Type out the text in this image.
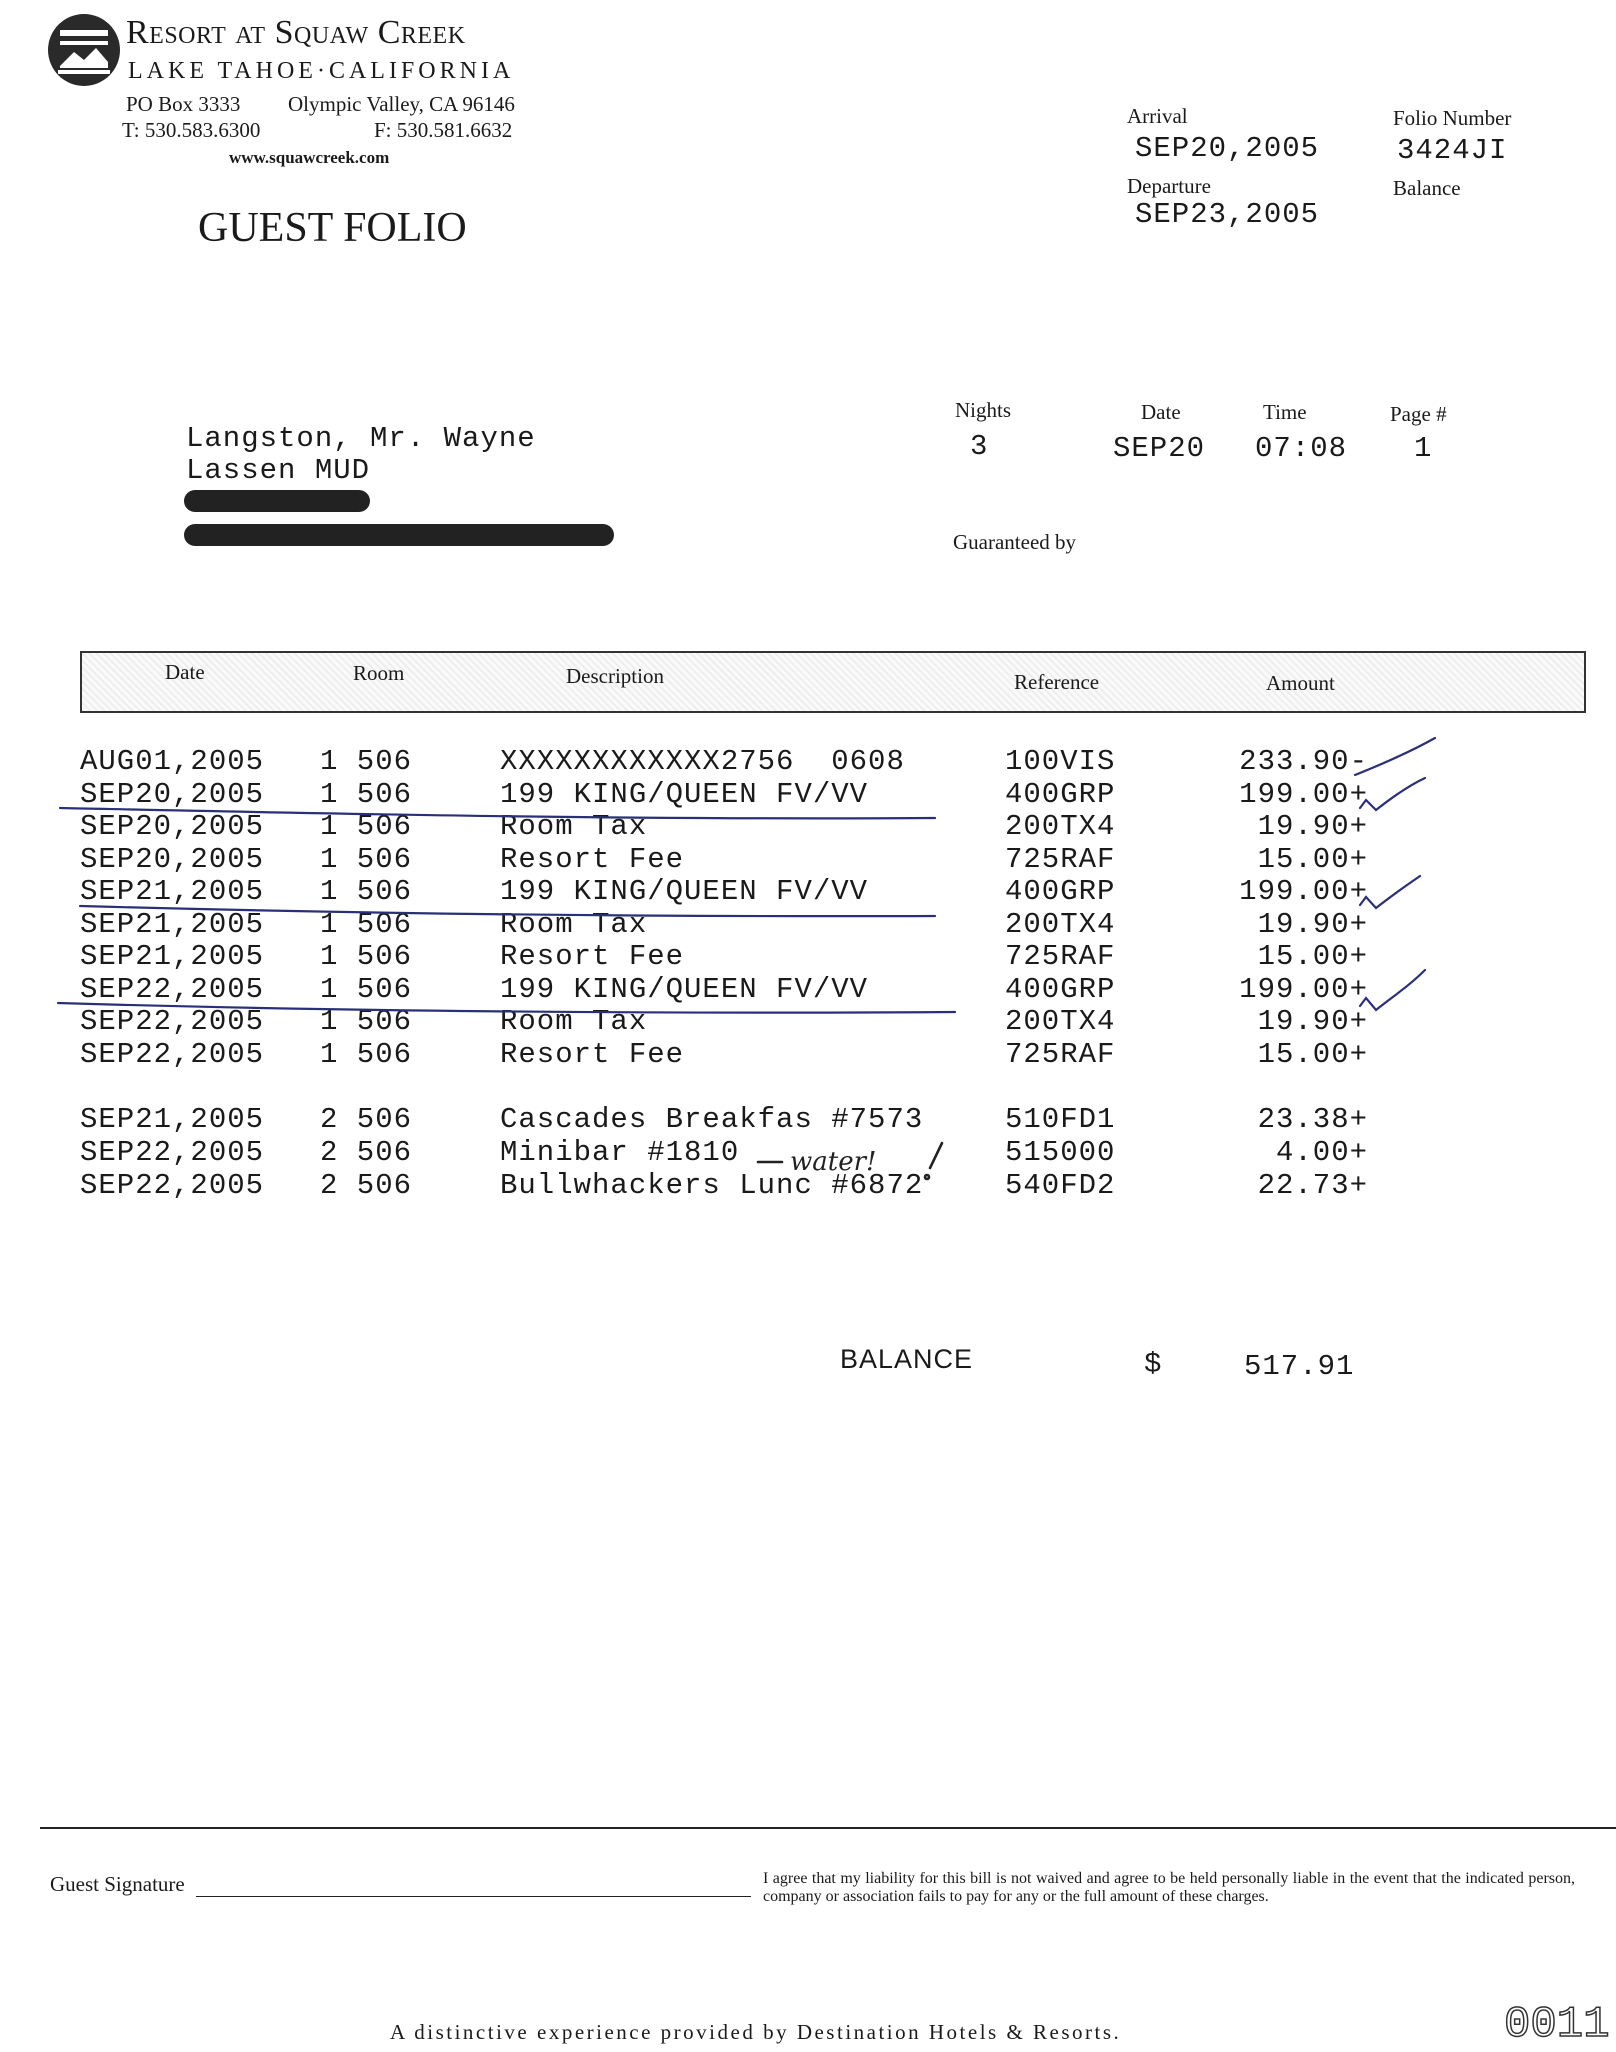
Resort at Squaw Creek
LAKE TAHOE·CALIFORNIA
PO Box 3333 Olympic Valley, CA 96146
T: 530.583.6300	F: 530.581.6632
www.squawcreek.com
GUEST FOLIO
Arrival
SEP20,2005
Departure
SEP23,2005
Folio Number
3424JI
Balance
Langston, Mr. Wayne
Lassen MUD
Nights
3
Date
SEP20
Time
07:08
Page #
1
Guaranteed by
Date	Room	Description	Reference	Amount
AUG01,2005 1 506	XXXXXXXXXXXX2756  0608	100VIS	233.90-
SEP20,2005 1 506	199 KING/QUEEN FV/VV	400GRP	199.00+
SEP20,2005 1 506	Room Tax	200TX4	19.90+
SEP20,2005 1 506	Resort Fee	725RAF	15.00+
SEP21,2005 1 506	199 KING/QUEEN FV/VV	400GRP	199.00+
SEP21,2005 1 506	Room Tax	200TX4	19.90+
SEP21,2005 1 506	Resort Fee	725RAF	15.00+
SEP22,2005 1 506	199 KING/QUEEN FV/VV	400GRP	199.00+
SEP22,2005 1 506	Room Tax	200TX4	19.90+
SEP22,2005 1 506	Resort Fee	725RAF	15.00+
SEP21,2005 2 506	Cascades Breakfas #7573	510FD1	23.38+
SEP22,2005 2 506	Minibar #1810	515000	4.00+
SEP22,2005 2 506	Bullwhackers Lunc #6872	540FD2	22.73+
water!
BALANCE	$	517.91
Guest Signature	I agree that my liability for this bill is not waived and agree to be held personally liable in the event that the indicated person, company or association fails to pay for any or the full amount of these charges.
A distinctive experience provided by Destination Hotels & Resorts.	0011
